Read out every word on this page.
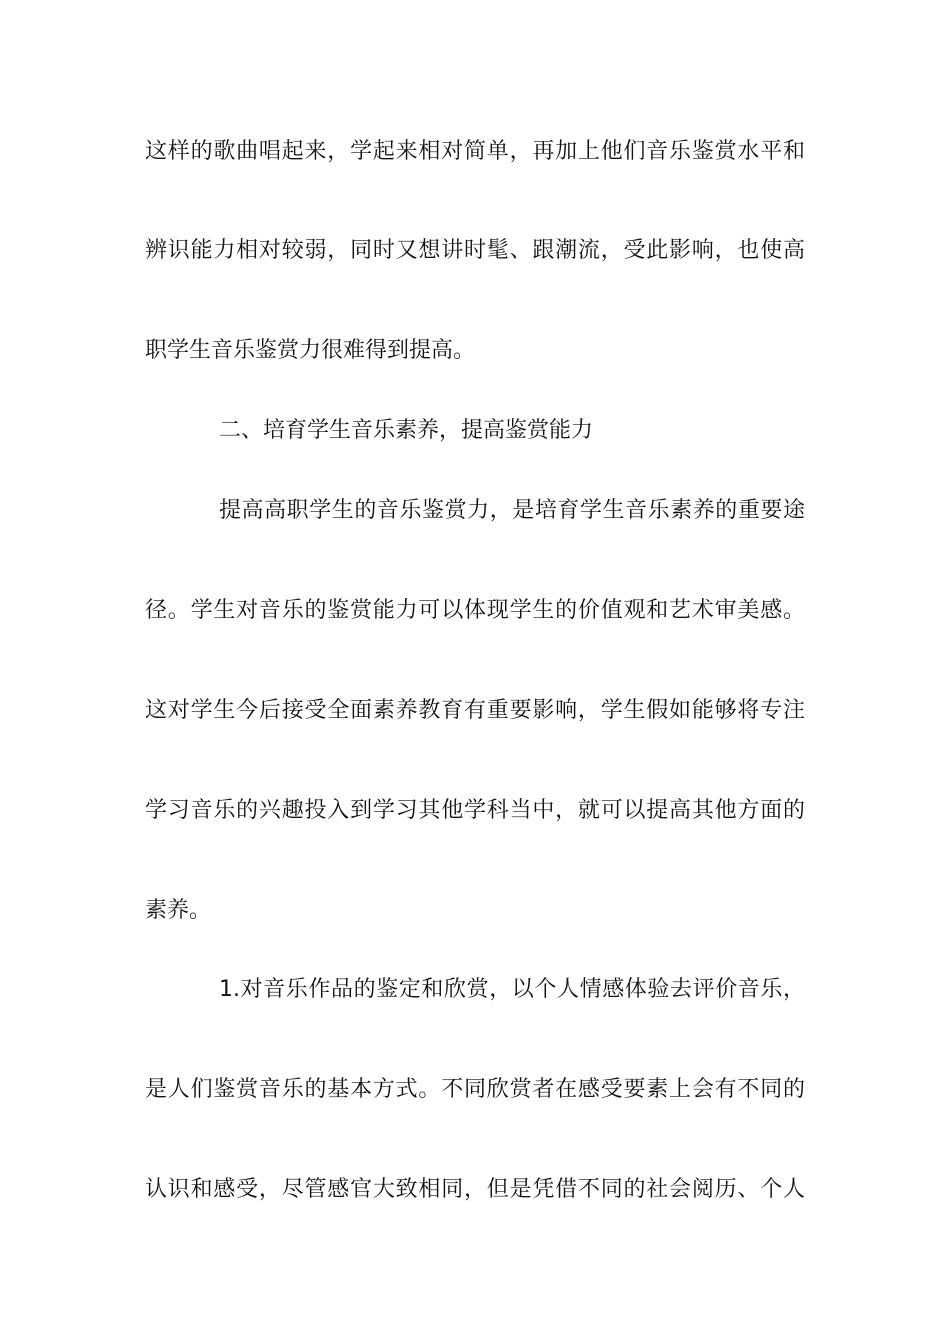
这样的歌曲唱起来，学起来相对简单，再加上他们音乐鉴赏水平和
辨识能力相对较弱，同时又想讲时髦、跟潮流，受此影响，也使高
职学生音乐鉴赏力很难得到提高。
二、培育学生音乐素养，提高鉴赏能力
提高高职学生的音乐鉴赏力，是培育学生音乐素养的重要途
径。学生对音乐的鉴赏能力可以体现学生的价值观和艺术审美感。
这对学生今后接受全面素养教育有重要影响，学生假如能够将专注
学习音乐的兴趣投入到学习其他学科当中，就可以提高其他方面的
素养。
1.对音乐作品的鉴定和欣赏，以个人情感体验去评价音乐，
是人们鉴赏音乐的基本方式。不同欣赏者在感受要素上会有不同的
认识和感受，尽管感官大致相同，但是凭借不同的社会阅历、个人
